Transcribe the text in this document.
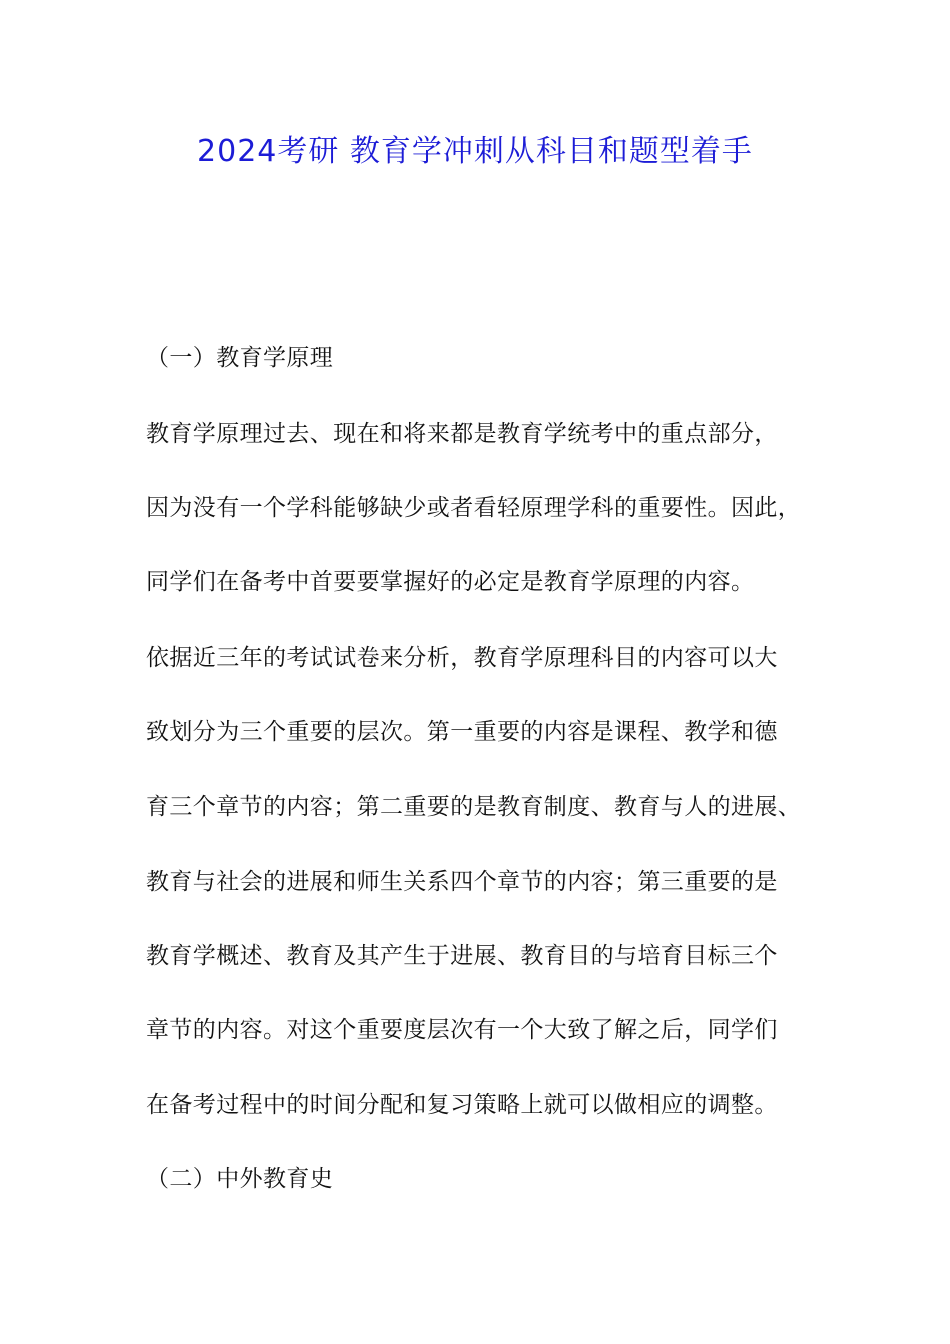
2024考研 教育学冲刺从科目和题型着手
（一）教育学原理
教育学原理过去、现在和将来都是教育学统考中的重点部分，
因为没有一个学科能够缺少或者看轻原理学科的重要性。因此，
同学们在备考中首要要掌握好的必定是教育学原理的内容。
依据近三年的考试试卷来分析，教育学原理科目的内容可以大
致划分为三个重要的层次。第一重要的内容是课程、教学和德
育三个章节的内容；第二重要的是教育制度、教育与人的进展、
教育与社会的进展和师生关系四个章节的内容；第三重要的是
教育学概述、教育及其产生于进展、教育目的与培育目标三个
章节的内容。对这个重要度层次有一个大致了解之后，同学们
在备考过程中的时间分配和复习策略上就可以做相应的调整。
（二）中外教育史
